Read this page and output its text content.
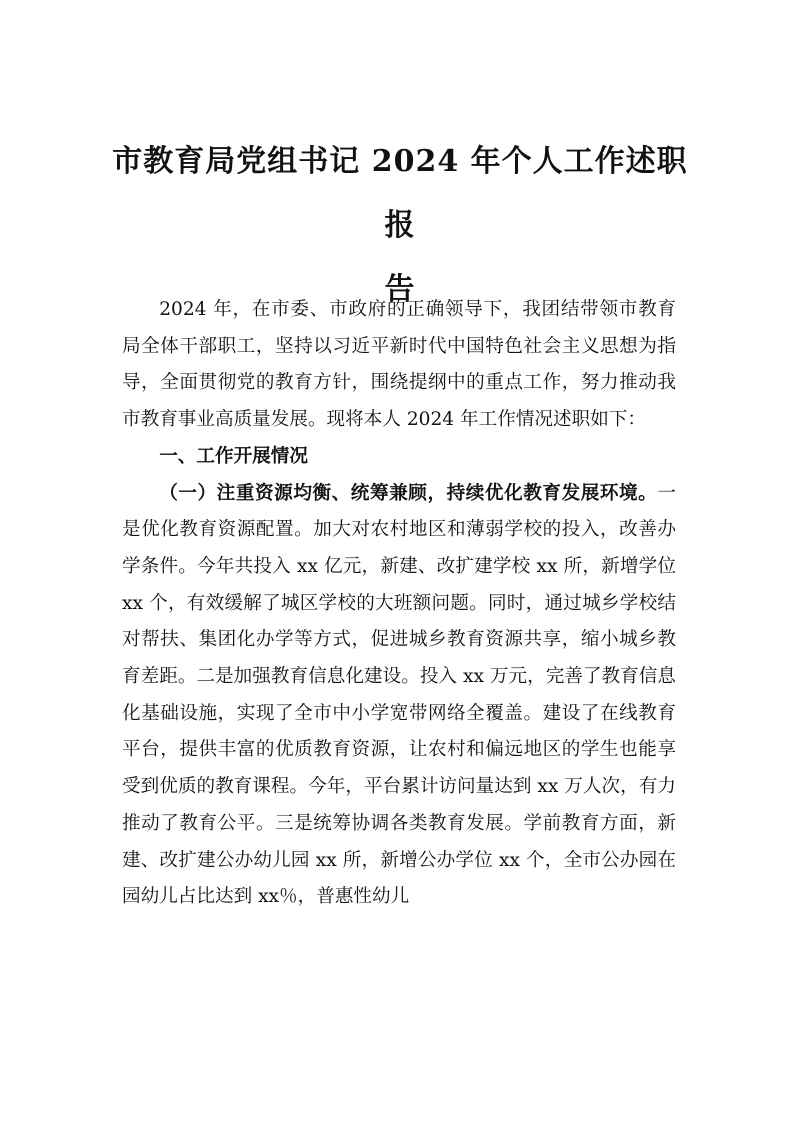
市教育局党组书记 2024 年个人工作述职报
告

2024 年，在市委、市政府的正确领导下，我团结带领市教育局全体干部职工，坚持以习近平新时代中国特色社会主义思想为指导，全面贯彻党的教育方针，围绕提纲中的重点工作，努力推动我市教育事业高质量发展。现将本人 2024 年工作情况述职如下：

一、工作开展情况

（一）注重资源均衡、统筹兼顾，持续优化教育发展环境。一是优化教育资源配置。加大对农村地区和薄弱学校的投入，改善办学条件。今年共投入 xx 亿元，新建、改扩建学校 xx 所，新增学位 xx 个，有效缓解了城区学校的大班额问题。同时，通过城乡学校结对帮扶、集团化办学等方式，促进城乡教育资源共享，缩小城乡教育差距。二是加强教育信息化建设。投入 xx 万元，完善了教育信息化基础设施，实现了全市中小学宽带网络全覆盖。建设了在线教育平台，提供丰富的优质教育资源，让农村和偏远地区的学生也能享受到优质的教育课程。今年，平台累计访问量达到 xx 万人次，有力推动了教育公平。三是统筹协调各类教育发展。学前教育方面，新建、改扩建公办幼儿园 xx 所，新增公办学位 xx 个，全市公办园在园幼儿占比达到 xx％，普惠性幼儿
